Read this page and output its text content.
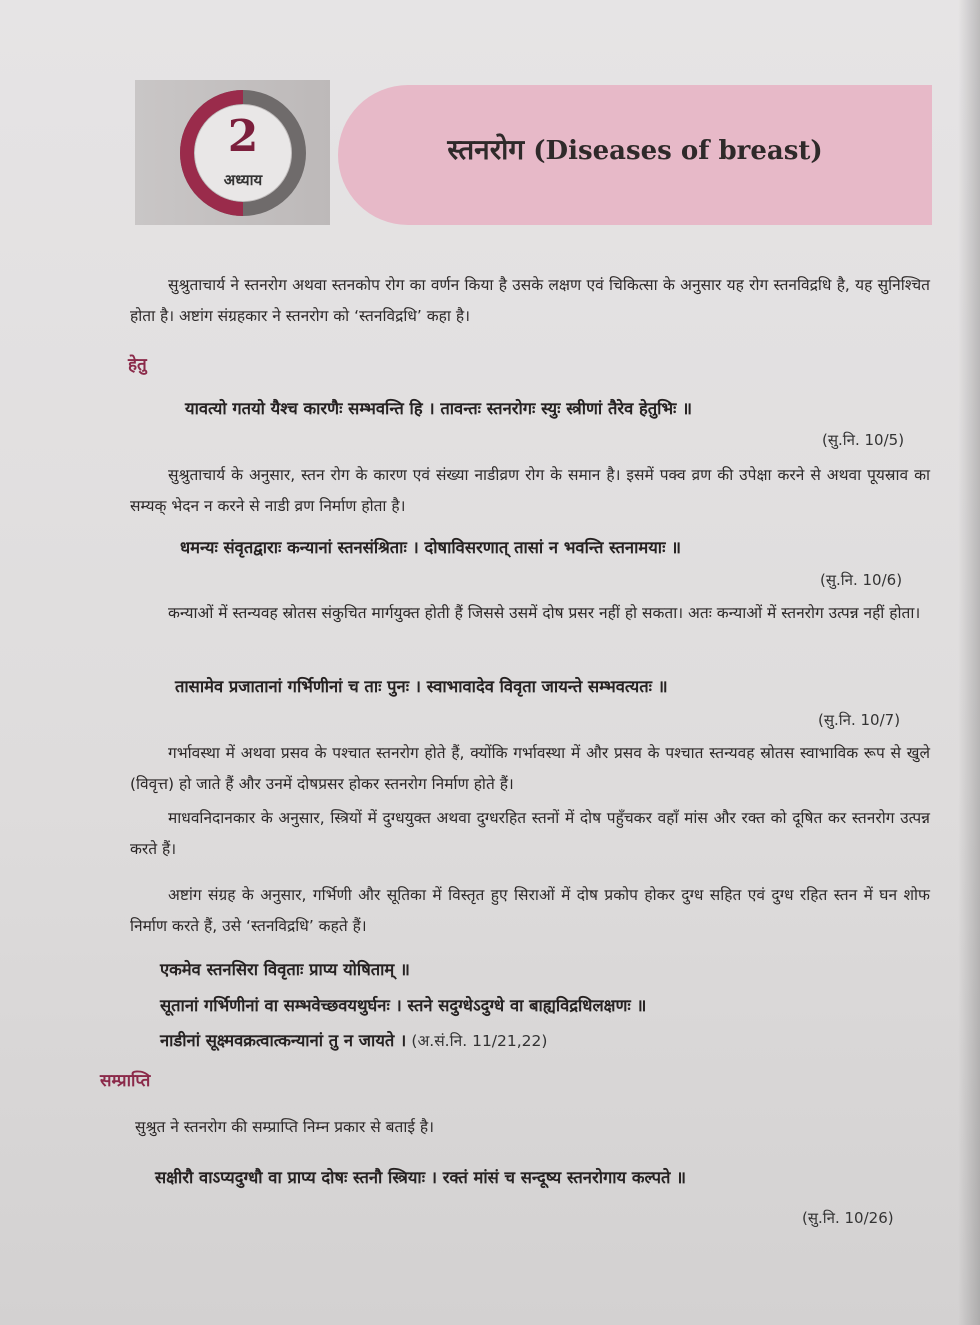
2
अध्याय
स्तनरोग (Diseases of breast)
सुश्रुताचार्य ने स्तनरोग अथवा स्तनकोप रोग का वर्णन किया है उसके लक्षण एवं चिकित्सा के अनुसार यह रोग स्तनविद्रधि है, यह सुनिश्चित होता है। अष्टांग संग्रहकार ने स्तनरोग को ‘स्तनविद्रधि’ कहा है।
हेतु
यावत्यो गतयो यैश्च कारणैः सम्भवन्ति हि । तावन्तः स्तनरोगः स्युः स्त्रीणां तैरेव हेतुभिः ॥
(सु.नि. 10/5)
सुश्रुताचार्य के अनुसार, स्तन रोग के कारण एवं संख्या नाडीव्रण रोग के समान है। इसमें पक्व व्रण की उपेक्षा करने से अथवा पूयस्राव का सम्यक् भेदन न करने से नाडी व्रण निर्माण होता है।
धमन्यः संवृतद्वाराः कन्यानां स्तनसंश्रिताः । दोषाविसरणात् तासां न भवन्ति स्तनामयाः ॥
(सु.नि. 10/6)
कन्याओं में स्तन्यवह स्रोतस संकुचित मार्गयुक्त होती हैं जिससे उसमें दोष प्रसर नहीं हो सकता। अतः कन्याओं में स्तनरोग उत्पन्न नहीं होता।
तासामेव प्रजातानां गर्भिणीनां च ताः पुनः । स्वाभावादेव विवृता जायन्ते सम्भवत्यतः ॥
(सु.नि. 10/7)
गर्भावस्था में अथवा प्रसव के पश्चात स्तनरोग होते हैं, क्योंकि गर्भावस्था में और प्रसव के पश्चात स्तन्यवह स्रोतस स्वाभाविक रूप से खुले (विवृत्त) हो जाते हैं और उनमें दोषप्रसर होकर स्तनरोग निर्माण होते हैं।
माधवनिदानकार के अनुसार, स्त्रियों में दुग्धयुक्त अथवा दुग्धरहित स्तनों में दोष पहुँचकर वहाँ मांस और रक्त को दूषित कर स्तनरोग उत्पन्न करते हैं।
अष्टांग संग्रह के अनुसार, गर्भिणी और सूतिका में विस्तृत हुए सिराओं में दोष प्रकोप होकर दुग्ध सहित एवं दुग्ध रहित स्तन में घन शोफ निर्माण करते हैं, उसे ‘स्तनविद्रधि’ कहते हैं।
एकमेव स्तनसिरा विवृताः प्राप्य योषिताम् ॥
सूतानां गर्भिणीनां वा सम्भवेच्छवयथुर्घनः । स्तने सदुग्धेऽदुग्धे वा बाह्यविद्रधिलक्षणः ॥
नाडीनां सूक्ष्मवक्रत्वात्कन्यानां तु न जायते । (अ.सं.नि. 11/21,22)
सम्प्राप्ति
सुश्रुत ने स्तनरोग की सम्प्राप्ति निम्न प्रकार से बताई है।
सक्षीरौ वाऽप्यदुग्धौ वा प्राप्य दोषः स्तनौ स्त्रियाः । रक्तं मांसं च सन्दूष्य स्तनरोगाय कल्पते ॥
(सु.नि. 10/26)
